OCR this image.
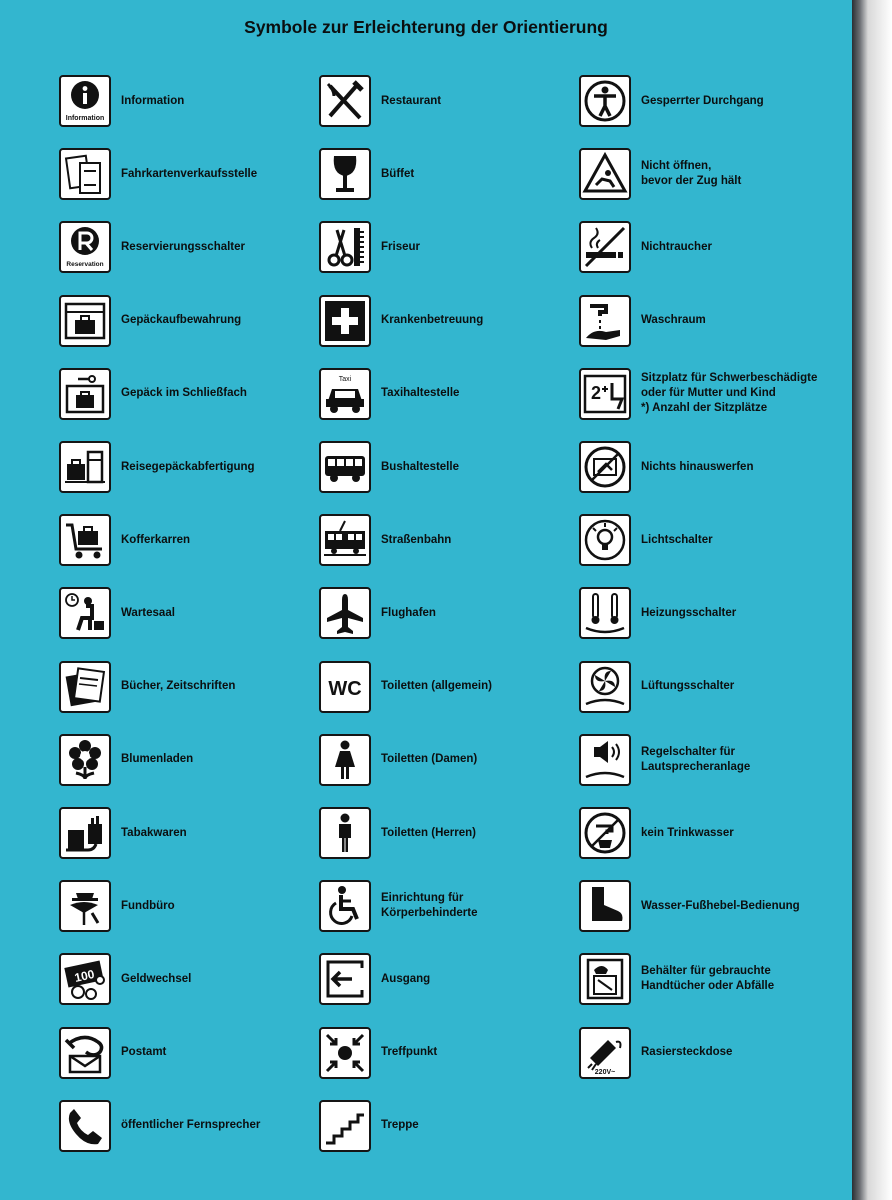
Symbole zur Erleichterung der Orientierung
Information
Information
Fahrkartenverkaufsstelle
Reservation
Reservierungsschalter
Gepäckaufbewahrung
Gepäck im Schließfach
Reisegepäckabfertigung
Kofferkarren
Wartesaal
Bücher, Zeitschriften
Blumenladen
Tabakwaren
Fundbüro
100 Geldwechsel
Postamt
öffentlicher Fernsprecher
Restaurant
Büffet
Friseur
Krankenbetreuung
Taxi
Taxihaltestelle
Bushaltestelle
Straßenbahn
Flughafen
WC Toiletten (allgemein)
Toiletten (Damen)
Toiletten (Herren)
Einrichtung für
Körperbehinderte
Ausgang
Treffpunkt
Treppe
Gesperrter Durchgang
Nicht öffnen,
bevor der Zug hält
Nichtraucher
Waschraum
2
Sitzplatz für Schwerbeschädigte
oder für Mutter und Kind
*) Anzahl der Sitzplätze
Nichts hinauswerfen
Lichtschalter
Heizungsschalter
Lüftungsschalter
Regelschalter für
Lautsprecheranlage
kein Trinkwasser
Wasser-Fußhebel-Bedienung
Behälter für gebrauchte
Handtücher oder Abfälle
220V~
Rasiersteckdose
